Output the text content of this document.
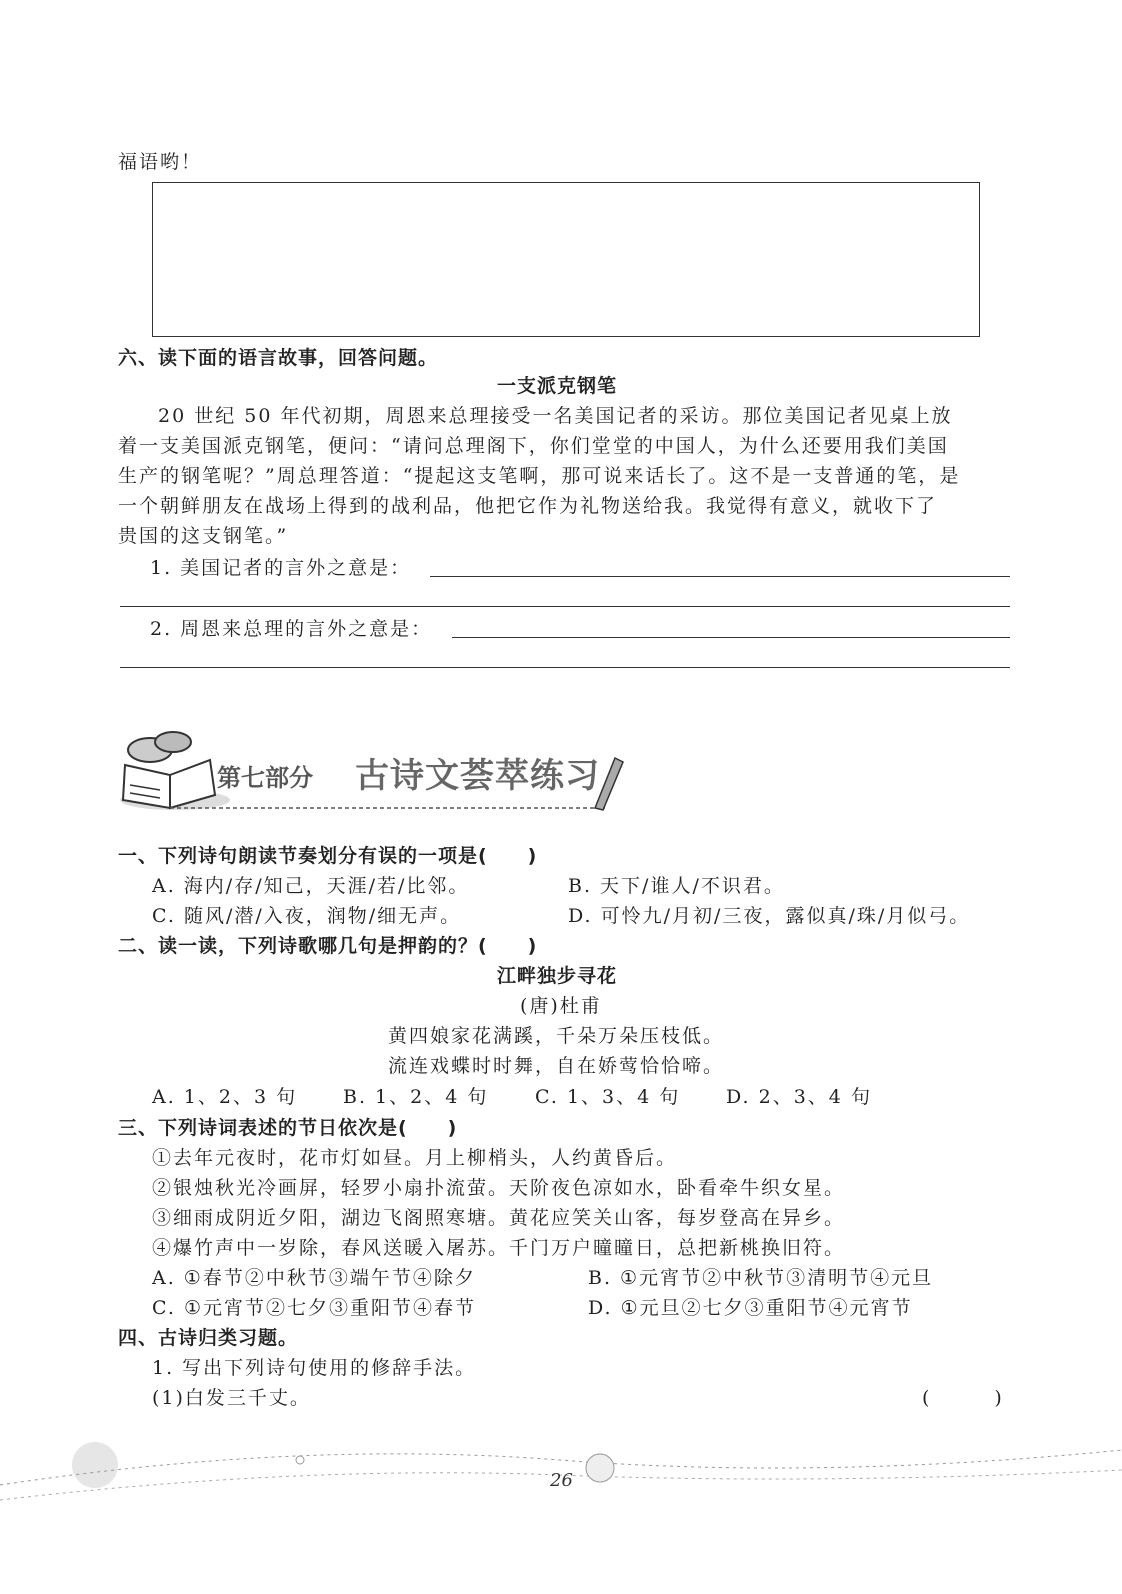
福语哟！
六、读下面的语言故事，回答问题。
一支派克钢笔
20 世纪 50 年代初期，周恩来总理接受一名美国记者的采访。那位美国记者见桌上放
着一支美国派克钢笔，便问：“请问总理阁下，你们堂堂的中国人，为什么还要用我们美国
生产的钢笔呢？”周总理答道：“提起这支笔啊，那可说来话长了。这不是一支普通的笔，是
一个朝鲜朋友在战场上得到的战利品，他把它作为礼物送给我。我觉得有意义，就收下了
贵国的这支钢笔。”
1. 美国记者的言外之意是：
2. 周恩来总理的言外之意是：
第七部分 古诗文荟萃练习
一、下列诗句朗读节奏划分有误的一项是(　　)
A. 海内/存/知己，天涯/若/比邻。	B. 天下/谁人/不识君。
C. 随风/潜/入夜，润物/细无声。	D. 可怜九/月初/三夜，露似真/珠/月似弓。
二、读一读，下列诗歌哪几句是押韵的？(　　)
江畔独步寻花
(唐)杜甫
黄四娘家花满蹊，千朵万朵压枝低。
流连戏蝶时时舞，自在娇莺恰恰啼。
A. 1、2、3 句 B. 1、2、4 句 C. 1、3、4 句 D. 2、3、4 句
三、下列诗词表述的节日依次是(　　)
①去年元夜时，花市灯如昼。月上柳梢头，人约黄昏后。
②银烛秋光冷画屏，轻罗小扇扑流萤。天阶夜色凉如水，卧看牵牛织女星。
③细雨成阴近夕阳，湖边飞阁照寒塘。黄花应笑关山客，每岁登高在异乡。
④爆竹声中一岁除，春风送暖入屠苏。千门万户曈曈日，总把新桃换旧符。
A. ①春节②中秋节③端午节④除夕	B. ①元宵节②中秋节③清明节④元旦
C. ①元宵节②七夕③重阳节④春节	D. ①元旦②七夕③重阳节④元宵节
四、古诗归类习题。
1. 写出下列诗句使用的修辞手法。
(1)白发三千丈。	(　　　)
26
